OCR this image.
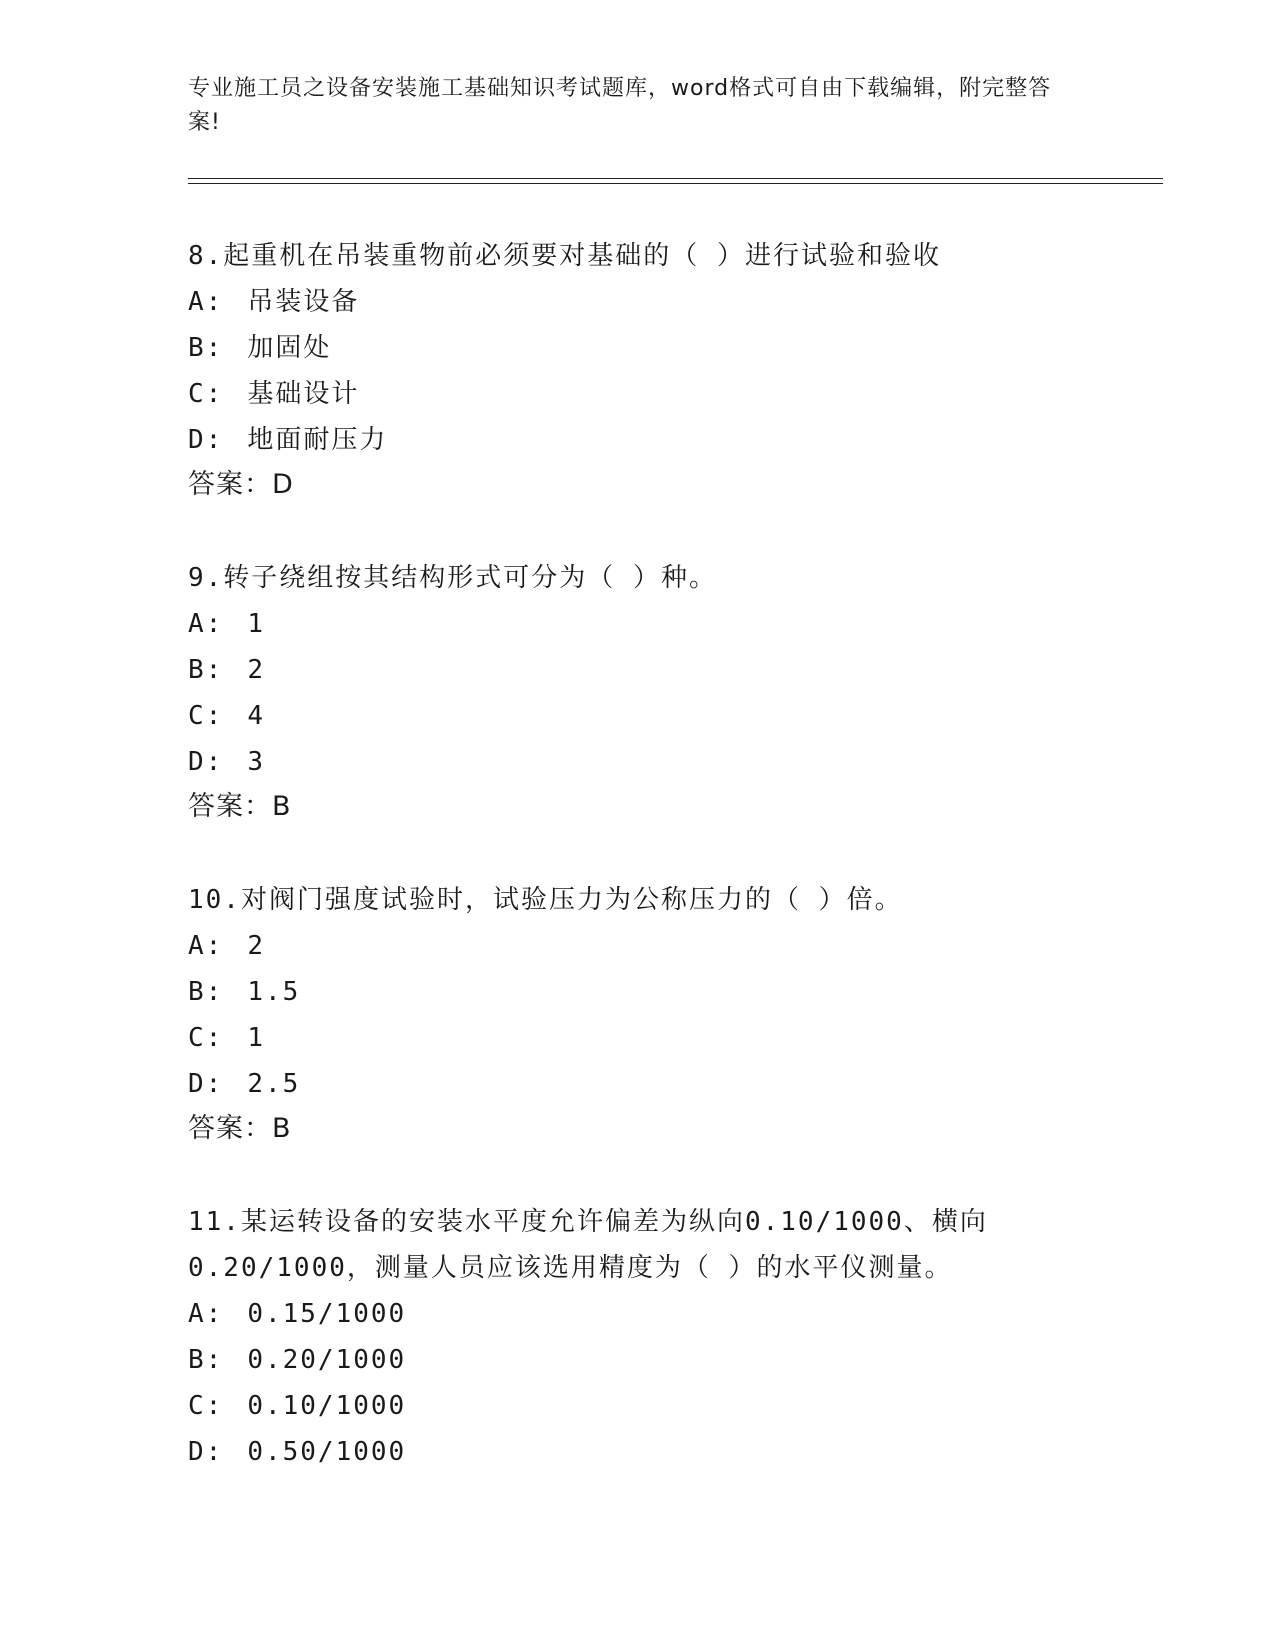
专业施工员之设备安装施工基础知识考试题库，word格式可自由下载编辑，附完整答案!
8.起重机在吊装重物前必须要对基础的（ ）进行试验和验收
A: 吊装设备
B: 加固处
C: 基础设计
D: 地面耐压力
答案：D
9.转子绕组按其结构形式可分为（ ）种。
A: 1
B: 2
C: 4
D: 3
答案：B
10.对阀门强度试验时，试验压力为公称压力的（ ）倍。
A: 2
B: 1.5
C: 1
D: 2.5
答案：B
11.某运转设备的安装水平度允许偏差为纵向0.10/1000、横向0.20/1000，测量人员应该选用精度为（ ）的水平仪测量。
A: 0.15/1000
B: 0.20/1000
C: 0.10/1000
D: 0.50/1000
